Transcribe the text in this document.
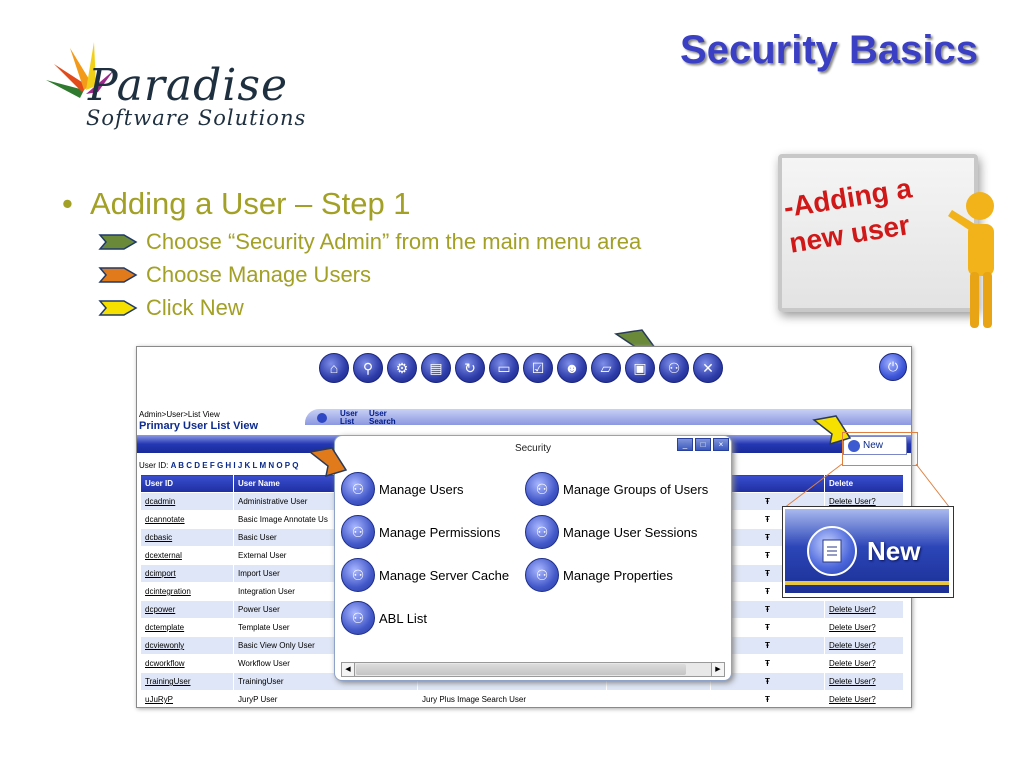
Paradise
Software Solutions
Security Basics
• Adding a User – Step 1
Choose “Security Admin” from the main menu area
Choose Manage Users
Click New
-Adding a
new user
⌂	⚲	⚙	▤	↻	▭	☑	☻	▱	▣	⚇	✕	⏻
Admin>User>List View
Primary User List View
User
List
User
Search
New
User ID: A B C D E F G H I J K L M N O P Q
User ID	User Name				Delete
dcadmin	Administrative User			Ŧ	Delete User?
dcannotate	Basic Image Annotate Us			Ŧ	
dcbasic	Basic User			Ŧ	
dcexternal	External User			Ŧ	
dcimport	Import User			Ŧ	
dcintegration	Integration User			Ŧ	
dcpower	Power User			Ŧ	Delete User?
dctemplate	Template User			Ŧ	Delete User?
dcviewonly	Basic View Only User			Ŧ	Delete User?
dcworkflow	Workflow User			Ŧ	Delete User?
TrainingUser	TrainingUser			Ŧ	Delete User?
uJuRyP	JuryP User	Jury Plus Image Search User		Ŧ	Delete User?
Security	_	□	×
⚇	Manage Users	⚇	Manage Groups of Users
⚇	Manage Permissions	⚇	Manage User Sessions
⚇	Manage Server Cache	⚇	Manage Properties
⚇	ABL List
◀	▶
New
